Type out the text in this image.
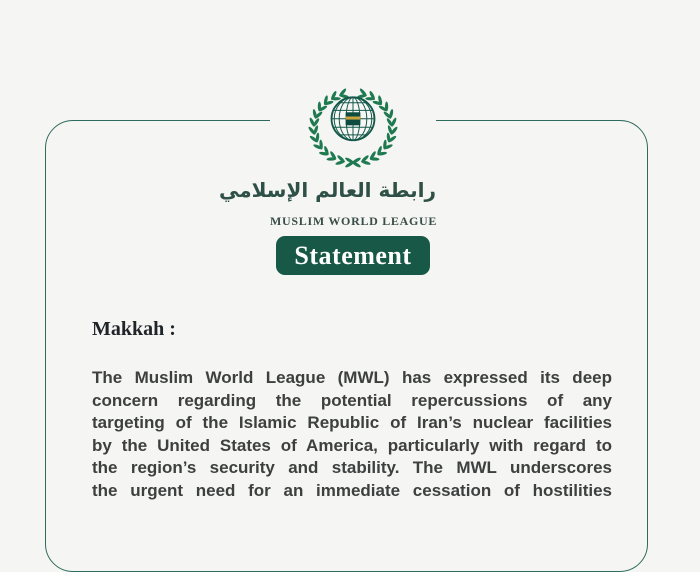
رابطة العالم الإسلامي
MUSLIM WORLD LEAGUE
Statement
Makkah :
The Muslim World League (MWL) has expressed its deep
concern regarding the potential repercussions of any
targeting of the Islamic Republic of Iran’s nuclear facilities
by the United States of America, particularly with regard to
the region’s security and stability. The MWL underscores
the urgent need for an immediate cessation of hostilities
